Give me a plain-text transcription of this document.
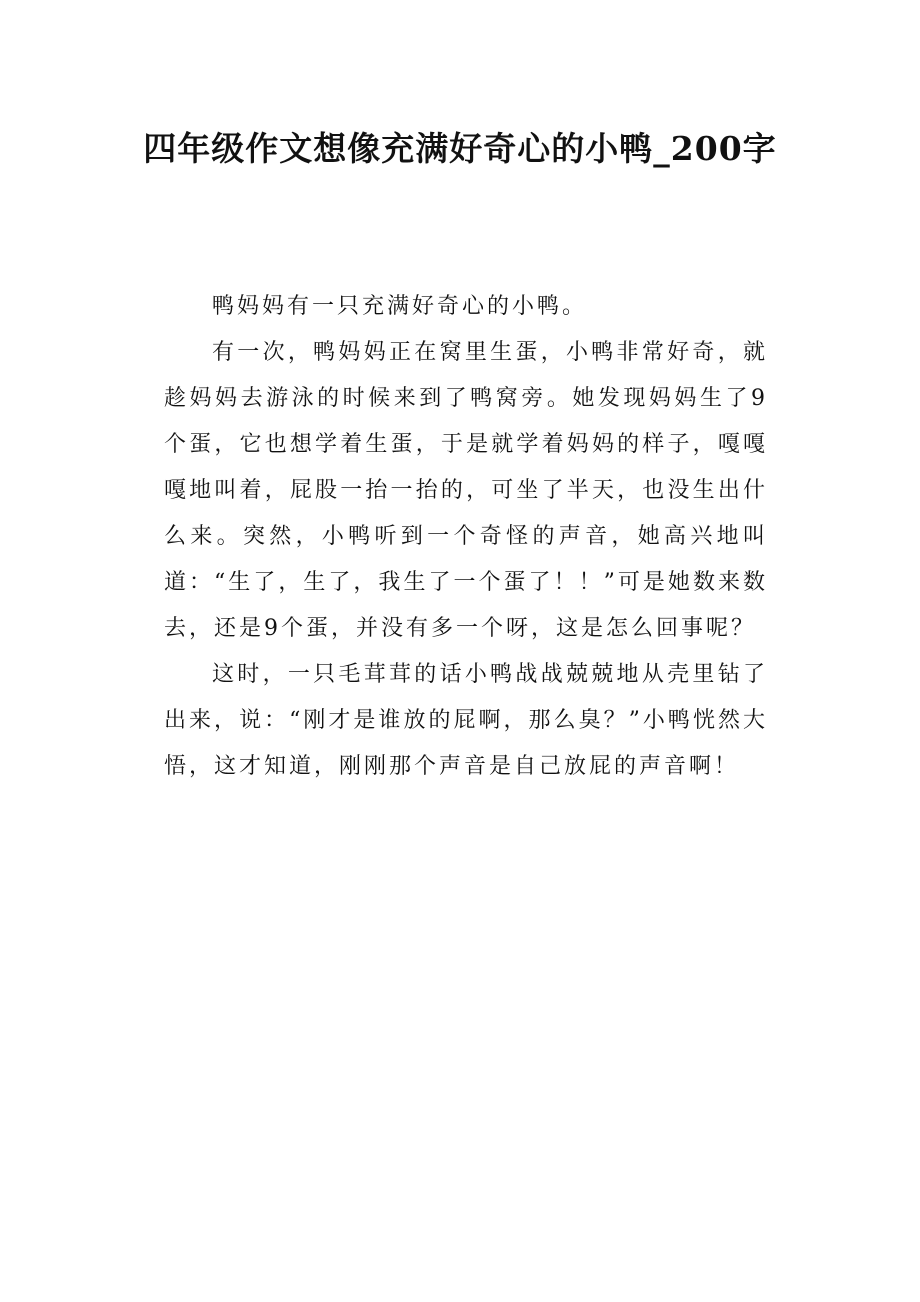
四年级作文想像充满好奇心的小鸭_200字

鸭妈妈有一只充满好奇心的小鸭。

有一次，鸭妈妈正在窝里生蛋，小鸭非常好奇，就趁妈妈去游泳的时候来到了鸭窝旁。她发现妈妈生了9个蛋，它也想学着生蛋，于是就学着妈妈的样子，嘎嘎嘎地叫着，屁股一抬一抬的，可坐了半天，也没生出什么来。突然，小鸭听到一个奇怪的声音，她高兴地叫道：“生了，生了，我生了一个蛋了！！”可是她数来数去，还是9个蛋，并没有多一个呀，这是怎么回事呢？

这时，一只毛茸茸的话小鸭战战兢兢地从壳里钻了出来，说：“刚才是谁放的屁啊，那么臭？”小鸭恍然大悟，这才知道，刚刚那个声音是自己放屁的声音啊！
